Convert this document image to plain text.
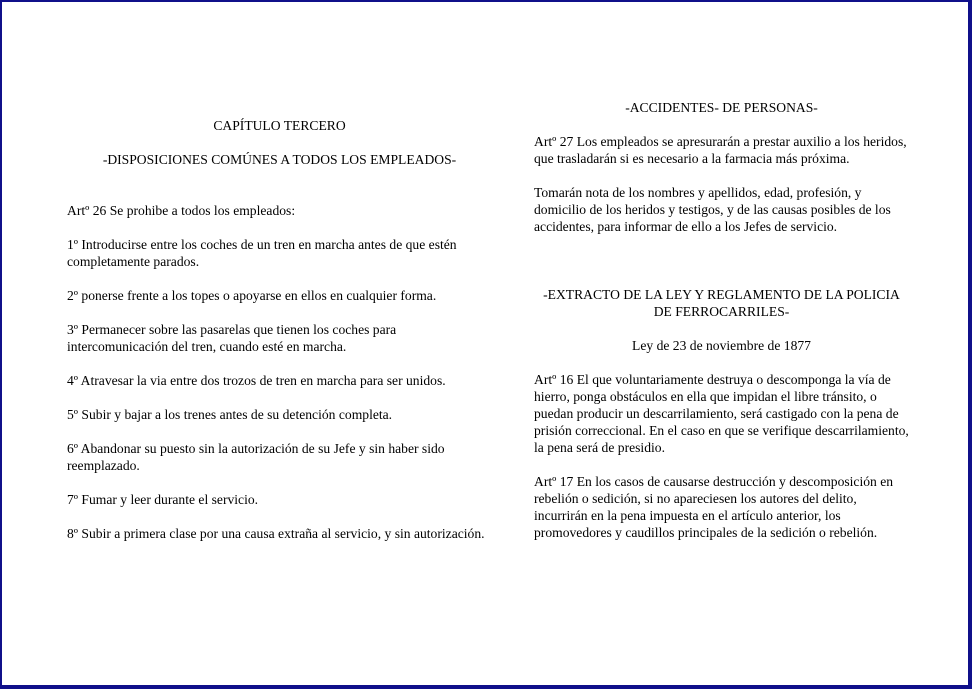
CAPÍTULO TERCERO

-DISPOSICIONES COMÚNES A TODOS LOS EMPLEADOS-

Artº 26 Se prohibe a todos los empleados:

1º Introducirse entre los coches de un tren en marcha antes de que estén completamente parados.

2º ponerse frente a los topes o apoyarse en ellos en cualquier forma.

3º Permanecer sobre las pasarelas que tienen los coches para intercomunicación del tren, cuando esté en marcha.

4º Atravesar la via entre dos trozos de tren en marcha para ser unidos.

5º Subir y bajar a los trenes antes de su detención completa.

6º Abandonar su puesto sin la autorización de su Jefe y sin haber sido reemplazado.

7º Fumar y leer durante el servicio.

8º Subir a primera clase por una causa extraña al servicio, y sin autorización.

-ACCIDENTES- DE PERSONAS-

Artº 27 Los empleados se apresurarán a prestar auxilio a los heridos, que trasladarán si es necesario a la farmacia más próxima.

Tomarán nota de los nombres y apellidos, edad, profesión, y domicilio de los heridos y testigos, y de las causas posibles de los accidentes, para informar de ello a los Jefes de servicio.

-EXTRACTO DE LA LEY Y REGLAMENTO DE LA POLICIA DE FERROCARRILES-

Ley de 23 de noviembre de 1877

Artº 16 El que voluntariamente destruya o descomponga la vía de hierro, ponga obstáculos en ella que impidan el libre tránsito, o puedan producir un descarrilamiento, será castigado con la pena de prisión correccional. En el caso en que se verifique descarrilamiento, la pena será de presidio.

Artº 17 En los casos de causarse destrucción y descomposición en rebelión o sedición, si no apareciesen los autores del delito, incurrirán en la pena impuesta en el artículo anterior, los promovedores y caudillos principales de la sedición o rebelión.
